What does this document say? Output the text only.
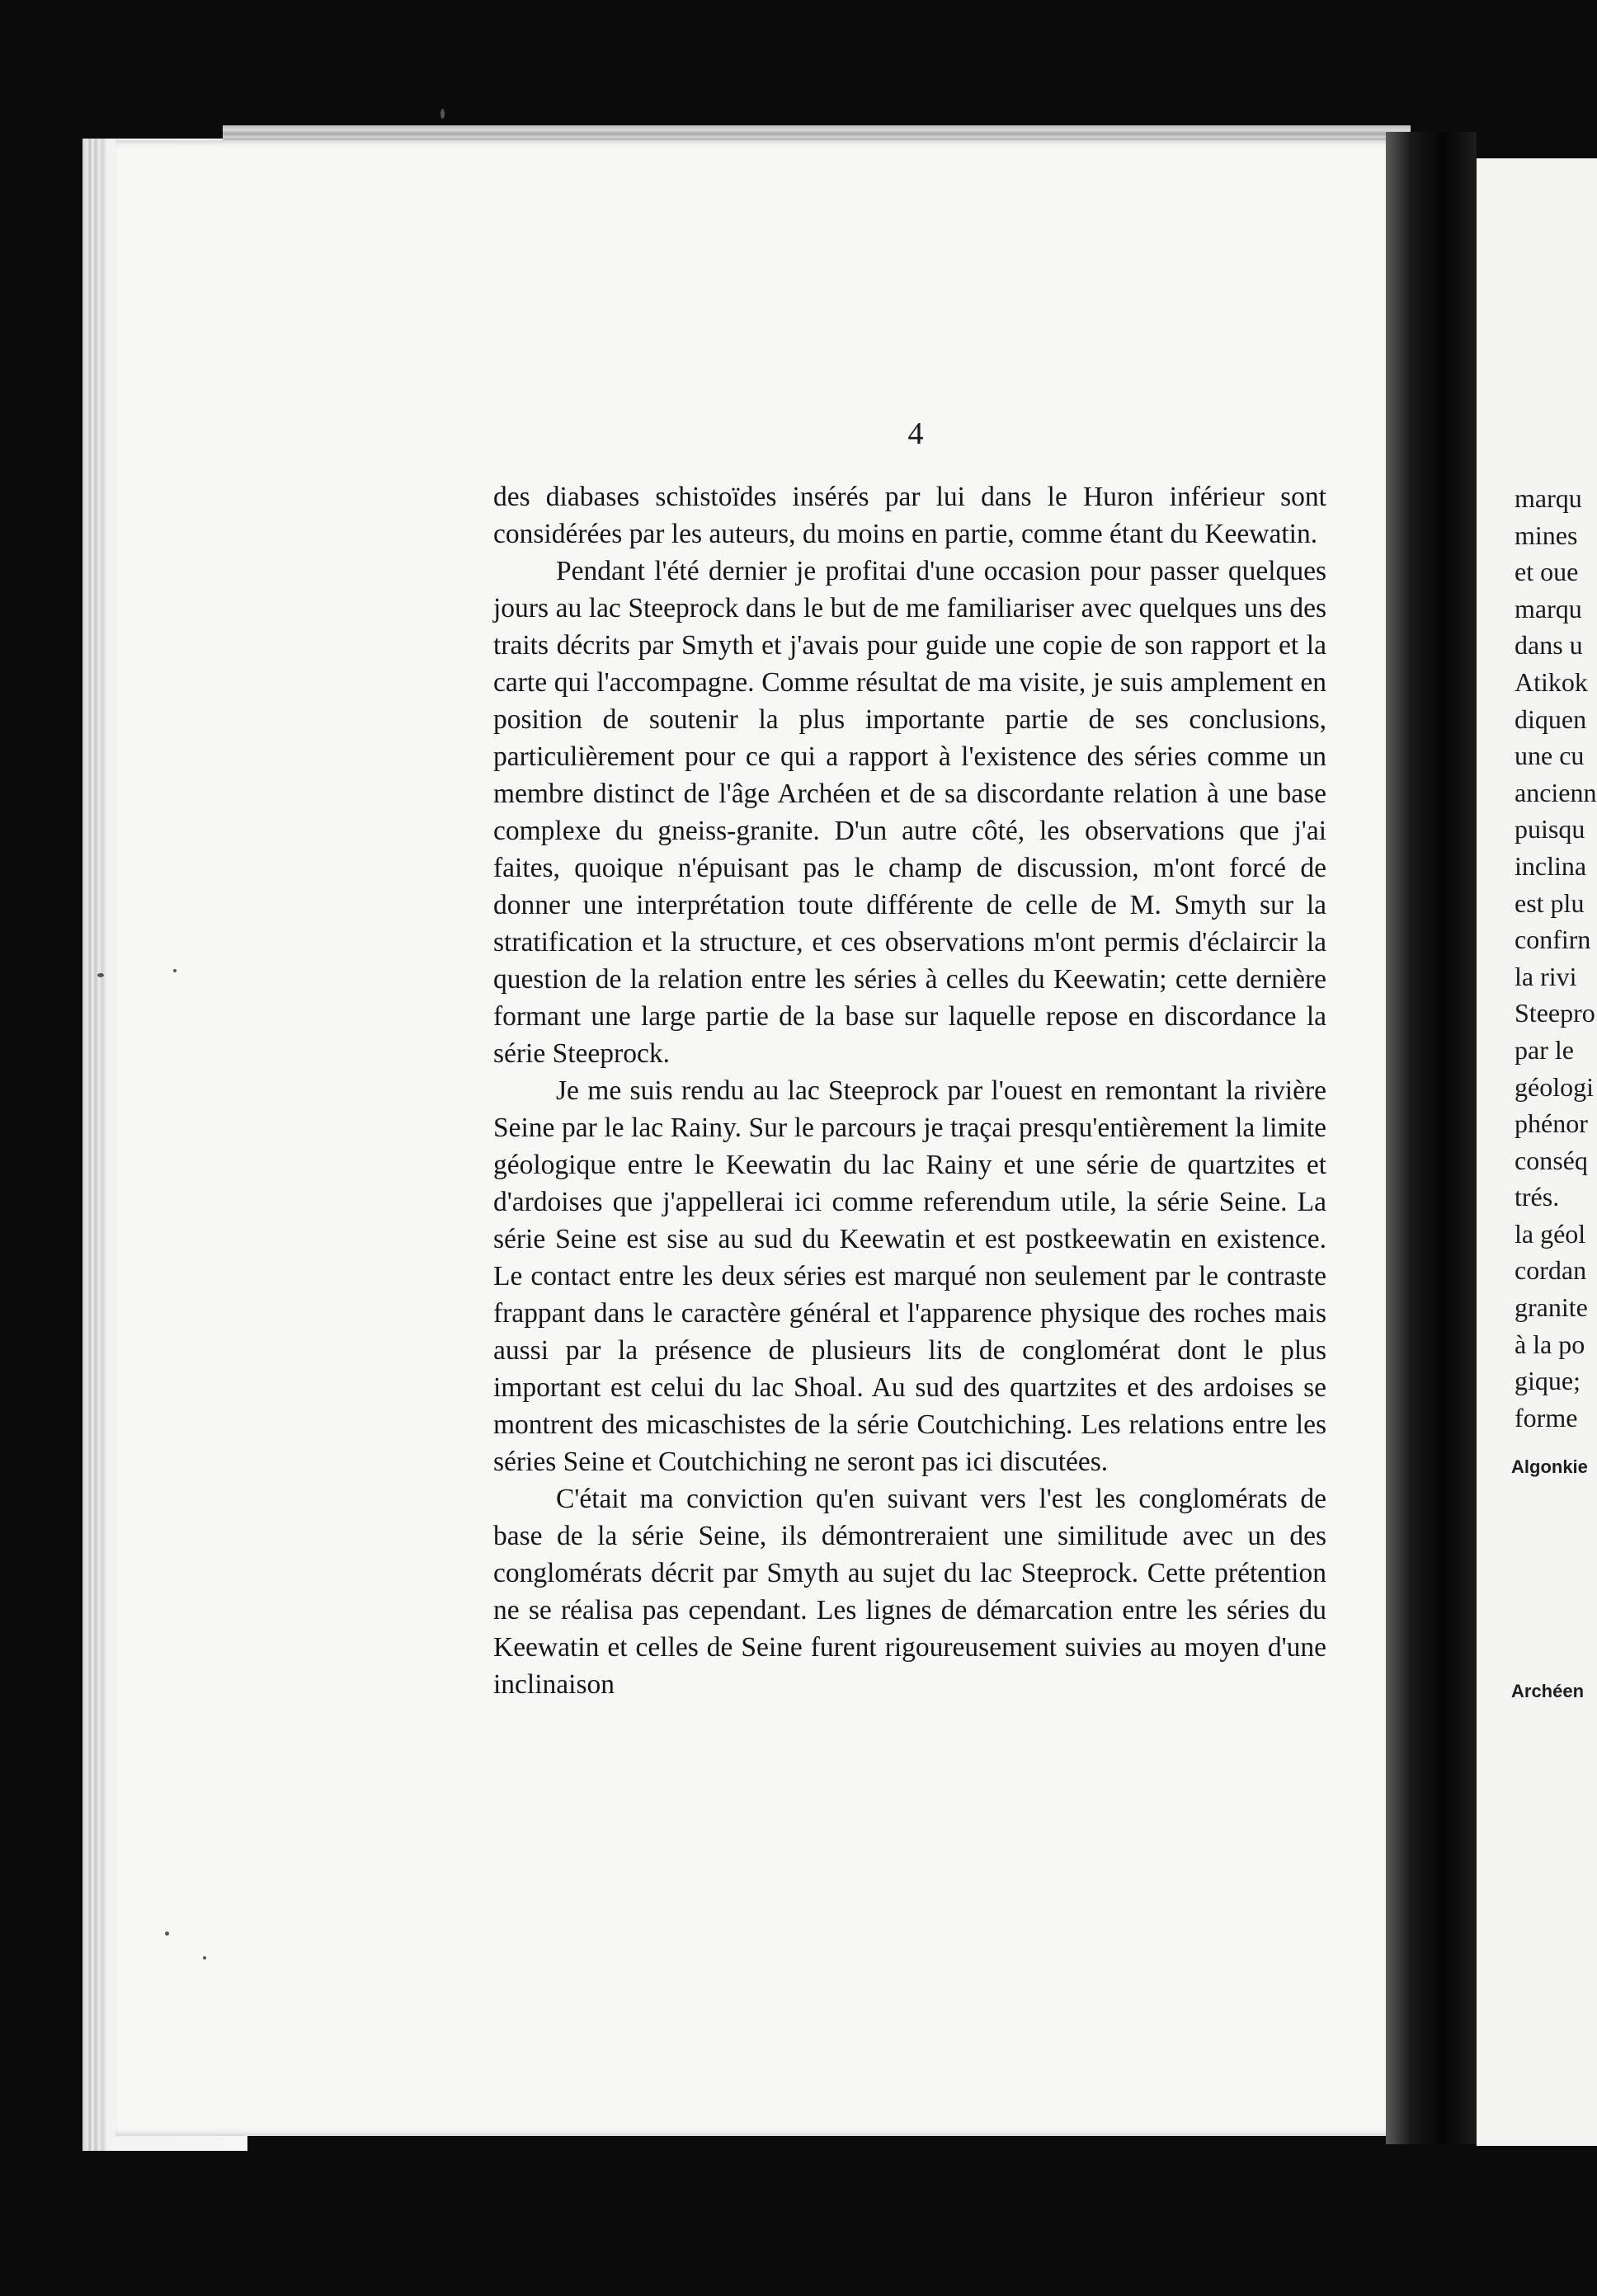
4

des diabases schistoïdes insérés par lui dans le Huron inférieur sont considérées par les auteurs, du moins en partie, comme étant du Keewatin.

Pendant l'été dernier je profitai d'une occasion pour passer quelques jours au lac Steeprock dans le but de me familiariser avec quelques uns des traits décrits par Smyth et j'avais pour guide une copie de son rapport et la carte qui l'accompagne. Comme résultat de ma visite, je suis amplement en position de soutenir la plus importante partie de ses conclusions, particulièrement pour ce qui a rapport à l'existence des séries comme un membre distinct de l'âge Archéen et de sa discordante relation à une base complexe du gneiss-granite. D'un autre côté, les observations que j'ai faites, quoique n'épuisant pas le champ de discussion, m'ont forcé de donner une interprétation toute différente de celle de M. Smyth sur la stratification et la structure, et ces observations m'ont permis d'éclaircir la question de la relation entre les séries à celles du Keewatin; cette dernière formant une large partie de la base sur laquelle repose en discordance la série Steeprock.

Je me suis rendu au lac Steeprock par l'ouest en remontant la rivière Seine par le lac Rainy. Sur le parcours je traçai presqu'entièrement la limite géologique entre le Keewatin du lac Rainy et une série de quartzites et d'ardoises que j'appellerai ici comme referendum utile, la série Seine. La série Seine est sise au sud du Keewatin et est postkeewatin en existence. Le contact entre les deux séries est marqué non seulement par le contraste frappant dans le caractère général et l'apparence physique des roches mais aussi par la présence de plusieurs lits de conglomérat dont le plus important est celui du lac Shoal. Au sud des quartzites et des ardoises se montrent des micaschistes de la série Coutchiching. Les relations entre les séries Seine et Coutchiching ne seront pas ici discutées.

C'était ma conviction qu'en suivant vers l'est les conglomérats de base de la série Seine, ils démontreraient une similitude avec un des conglomérats décrit par Smyth au sujet du lac Steeprock. Cette prétention ne se réalisa pas cependant. Les lignes de démarcation entre les séries du Keewatin et celles de Seine furent rigoureusement suivies au moyen d'une inclinaison

marqu
mines
et oue
marqu
dans u
Atikok
diquen
une cu
ancienn
puisqu
inclina
est plu
confirn
la rivi
Steepro
par le
géologi
phénor
conséq
trés.
la géol
cordan
granite
à la po
gique;
forme
Algonkie
Archéen
